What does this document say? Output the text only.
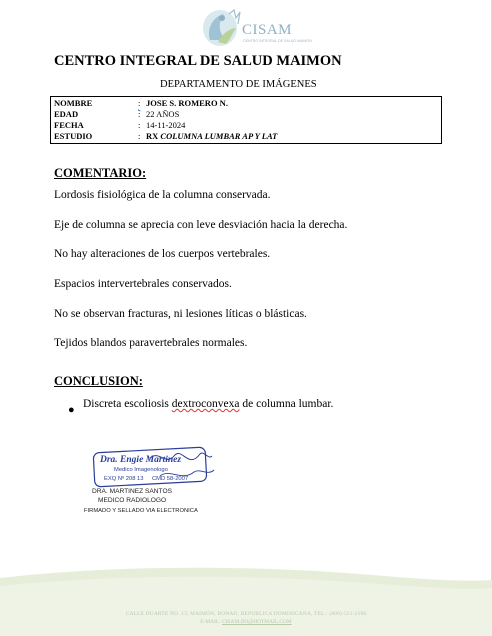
CISAM
CENTRO INTEGRAL DE SALUD MAIMON
CENTRO INTEGRAL DE SALUD MAIMON
DEPARTAMENTO DE IMÁGENES
NOMBRE	: JOSE S. ROMERO N.
EDAD	: 22 AÑOS
FECHA	: 14-11-2024
ESTUDIO	: RX COLUMNA LUMBAR AP Y LAT
COMENTARIO:
Lordosis fisiológica de la columna conservada.
Eje de columna se aprecia con leve desviación hacia la derecha.
No hay alteraciones de los cuerpos vertebrales.
Espacios intervertebrales conservados.
No se observan fracturas, ni lesiones líticas o blásticas.
Tejidos blandos paravertebrales normales.
CONCLUSION:
● Discreta escoliosis dextroconvexa de columna lumbar.
Dra. Engie Martinez
Medico Imagenologo
EXQ Nº 208 13 CMD 58-2007
DRA. MARTINEZ SANTOS
MEDICO RADIOLOGO
FIRMADO Y SELLADO VIA ELECTRONICA
CALLE DUARTE NO. 13, MAIMÓN, BONAO, REPUBLICA DOMINICANA, TEL.: (809)-551-2196
E-MAIL: CISAM.DO@HOTMAIL.COM
